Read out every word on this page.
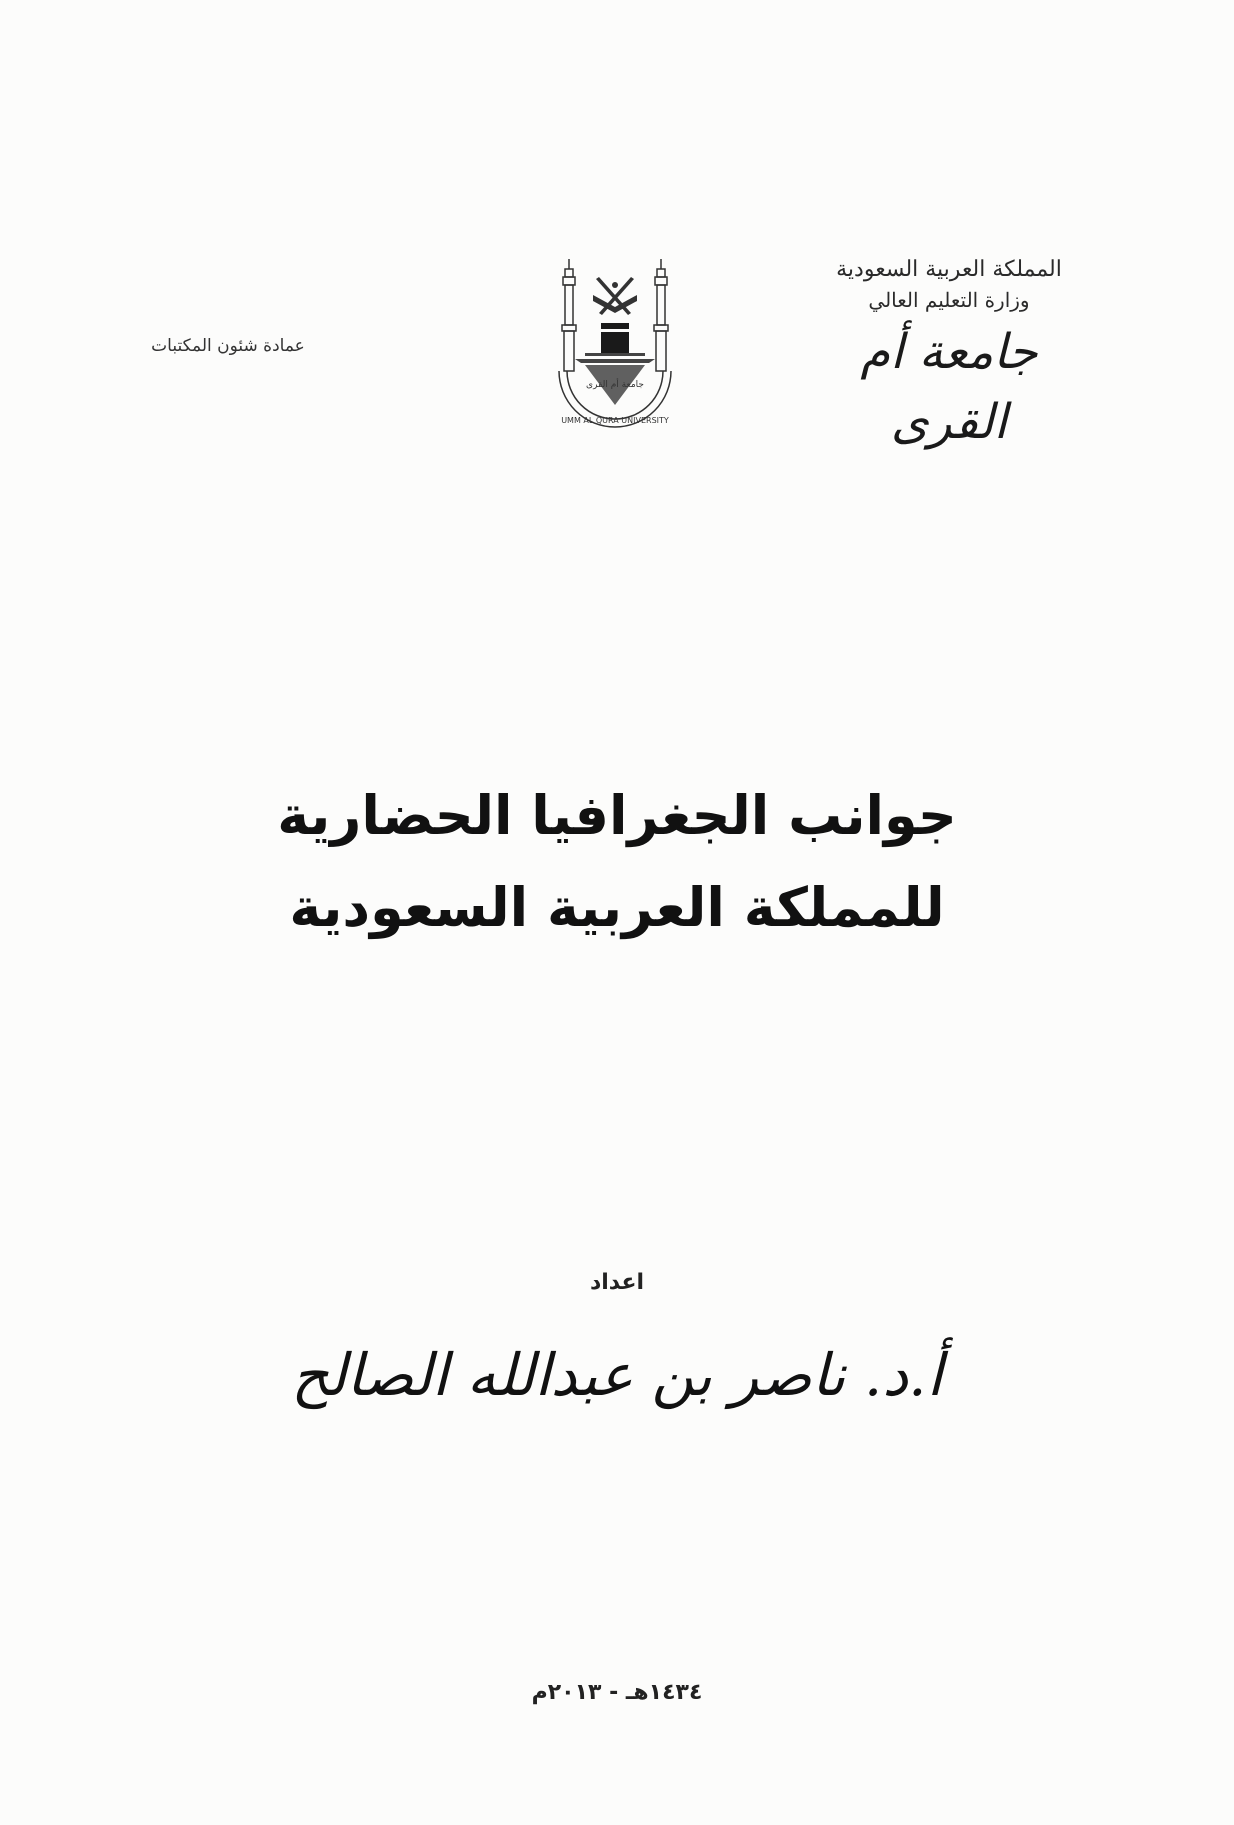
المملكة العربية السعودية
وزارة التعليم العالي
جامعة أم القرى
UMM AL QURA UNIVERSITY
جامعة أم القرى
عمادة شئون المكتبات
جوانب الجغرافيا الحضارية
للمملكة العربية السعودية
اعداد
أ.د. ناصر بن عبدالله الصالح
١٤٣٤هـ - ٢٠١٣م
